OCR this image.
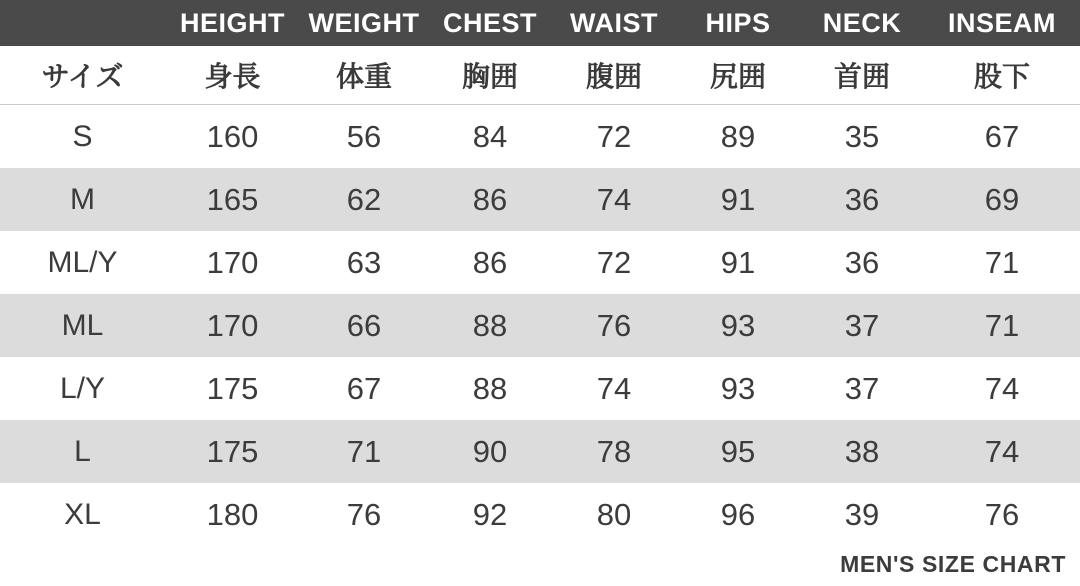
	HEIGHT	WEIGHT	CHEST	WAIST	HIPS	NECK	INSEAM
サイズ	身長	体重	胸囲	腹囲	尻囲	首囲	股下
S	160	56	84	72	89	35	67
M	165	62	86	74	91	36	69
ML/Y	170	63	86	72	91	36	71
ML	170	66	88	76	93	37	71
L/Y	175	67	88	74	93	37	74
L	175	71	90	78	95	38	74
XL	180	76	92	80	96	39	76
MEN'S SIZE CHART
